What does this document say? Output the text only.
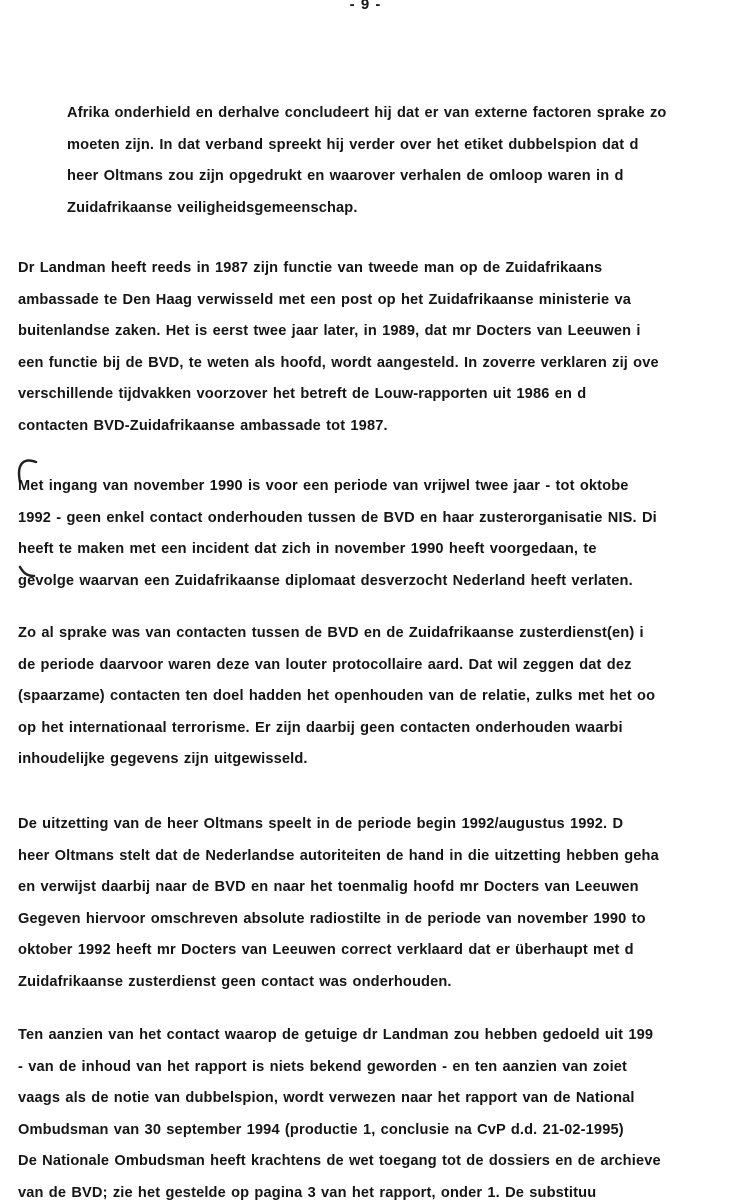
- 9 -
Afrika onderhield en derhalve concludeert hij dat er van externe factoren sprake zo
moeten zijn. In dat verband spreekt hij verder over het etiket dubbelspion dat d
heer Oltmans zou zijn opgedrukt en waarover verhalen de omloop waren in d
Zuidafrikaanse veiligheidsgemeenschap.
Dr Landman heeft reeds in 1987 zijn functie van tweede man op de Zuidafrikaans
ambassade te Den Haag verwisseld met een post op het Zuidafrikaanse ministerie va
buitenlandse zaken. Het is eerst twee jaar later, in 1989, dat mr Docters van Leeuwen i
een functie bij de BVD, te weten als hoofd, wordt aangesteld. In zoverre verklaren zij ove
verschillende tijdvakken voorzover het betreft de Louw-rapporten uit 1986 en d
contacten BVD-Zuidafrikaanse ambassade tot 1987.
Met ingang van november 1990 is voor een periode van vrijwel twee jaar - tot oktobe
1992 - geen enkel contact onderhouden tussen de BVD en haar zusterorganisatie NIS. Di
heeft te maken met een incident dat zich in november 1990 heeft voorgedaan, te
gevolge waarvan een Zuidafrikaanse diplomaat desverzocht Nederland heeft verlaten.
Zo al sprake was van contacten tussen de BVD en de Zuidafrikaanse zusterdienst(en) i
de periode daarvoor waren deze van louter protocollaire aard. Dat wil zeggen dat dez
(spaarzame) contacten ten doel hadden het openhouden van de relatie, zulks met het oo
op het internationaal terrorisme. Er zijn daarbij geen contacten onderhouden waarbi
inhoudelijke gegevens zijn uitgewisseld.
De uitzetting van de heer Oltmans speelt in de periode begin 1992/augustus 1992. D
heer Oltmans stelt dat de Nederlandse autoriteiten de hand in die uitzetting hebben geha
en verwijst daarbij naar de BVD en naar het toenmalig hoofd mr Docters van Leeuwen
Gegeven hiervoor omschreven absolute radiostilte in de periode van november 1990 to
oktober 1992 heeft mr Docters van Leeuwen correct verklaard dat er überhaupt met d
Zuidafrikaanse zusterdienst geen contact was onderhouden.
Ten aanzien van het contact waarop de getuige dr Landman zou hebben gedoeld uit 199
- van de inhoud van het rapport is niets bekend geworden - en ten aanzien van zoiet
vaags als de notie van dubbelspion, wordt verwezen naar het rapport van de National
Ombudsman van 30 september 1994 (productie 1, conclusie na CvP d.d. 21-02-1995)
De Nationale Ombudsman heeft krachtens de wet toegang tot de dossiers en de archieve
van de BVD; zie het gestelde op pagina 3 van het rapport, onder 1. De substituu
